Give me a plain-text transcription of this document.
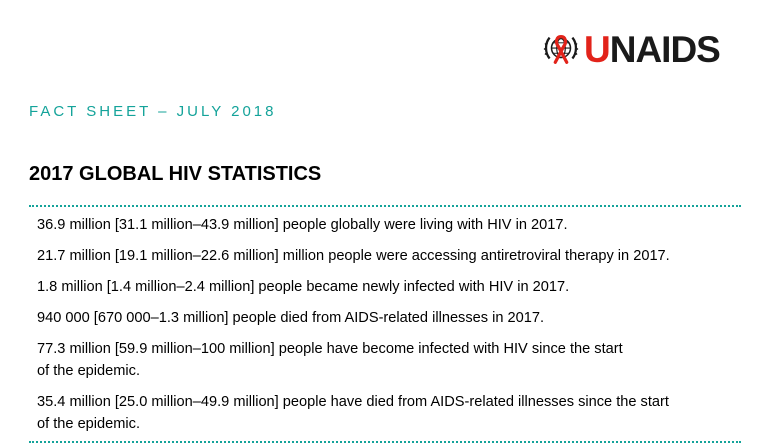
UNAIDS
FACT SHEET – JULY 2018
2017 GLOBAL HIV STATISTICS
36.9 million [31.1 million–43.9 million] people globally were living with HIV in 2017.
21.7 million [19.1 million–22.6 million] million people were accessing antiretroviral therapy in 2017.
1.8 million [1.4 million–2.4 million] people became newly infected with HIV in 2017.
940 000 [670 000–1.3 million] people died from AIDS-related illnesses in 2017.
77.3 million [59.9 million–100 million] people have become infected with HIV since the start
of the epidemic.
35.4 million [25.0 million–49.9 million] people have died from AIDS-related illnesses since the start
of the epidemic.
